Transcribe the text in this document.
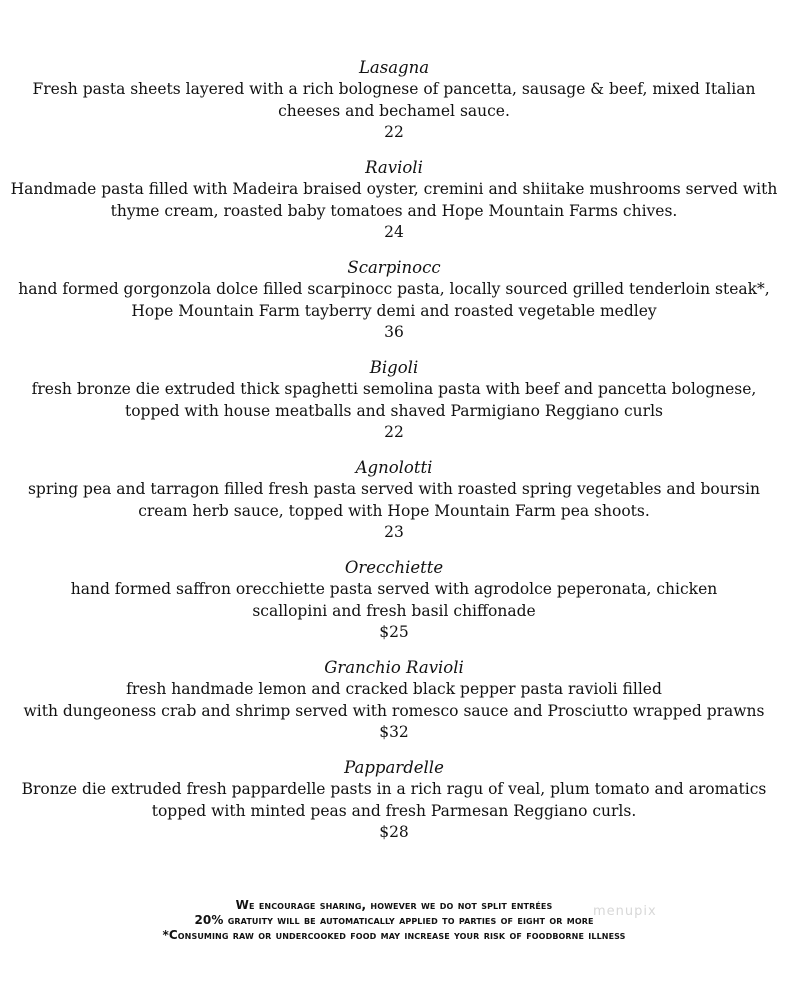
Lasagna

Fresh pasta sheets layered with a rich bolognese of pancetta, sausage & beef, mixed Italian
cheeses and bechamel sauce.

22

Ravioli

Handmade pasta filled with Madeira braised oyster, cremini and shiitake mushrooms served with
thyme cream, roasted baby tomatoes and Hope Mountain Farms chives.

24

Scarpinocc

hand formed gorgonzola dolce filled scarpinocc pasta, locally sourced grilled tenderloin steak*,
Hope Mountain Farm tayberry demi and roasted vegetable medley

36

Bigoli

fresh bronze die extruded thick spaghetti semolina pasta with beef and pancetta bolognese,
topped with house meatballs and shaved Parmigiano Reggiano curls

22

Agnolotti

spring pea and tarragon filled fresh pasta served with roasted spring vegetables and boursin
cream herb sauce, topped with Hope Mountain Farm pea shoots.

23

Orecchiette

hand formed saffron orecchiette pasta served with agrodolce peperonata, chicken
scallopini and fresh basil chiffonade

$25

Granchio Ravioli

fresh handmade lemon and cracked black pepper pasta ravioli filled
with dungeoness crab and shrimp served with romesco sauce and Prosciutto wrapped prawns

$32

Pappardelle

Bronze die extruded fresh pappardelle pasts in a rich ragu of veal, plum tomato and aromatics
topped with minted peas and fresh Parmesan Reggiano curls.

$28

We encourage sharing, however we do not split entrées
20% gratuity will be automatically applied to parties of eight or more
*Consuming raw or undercooked food may increase your risk of foodborne illness
menupix
